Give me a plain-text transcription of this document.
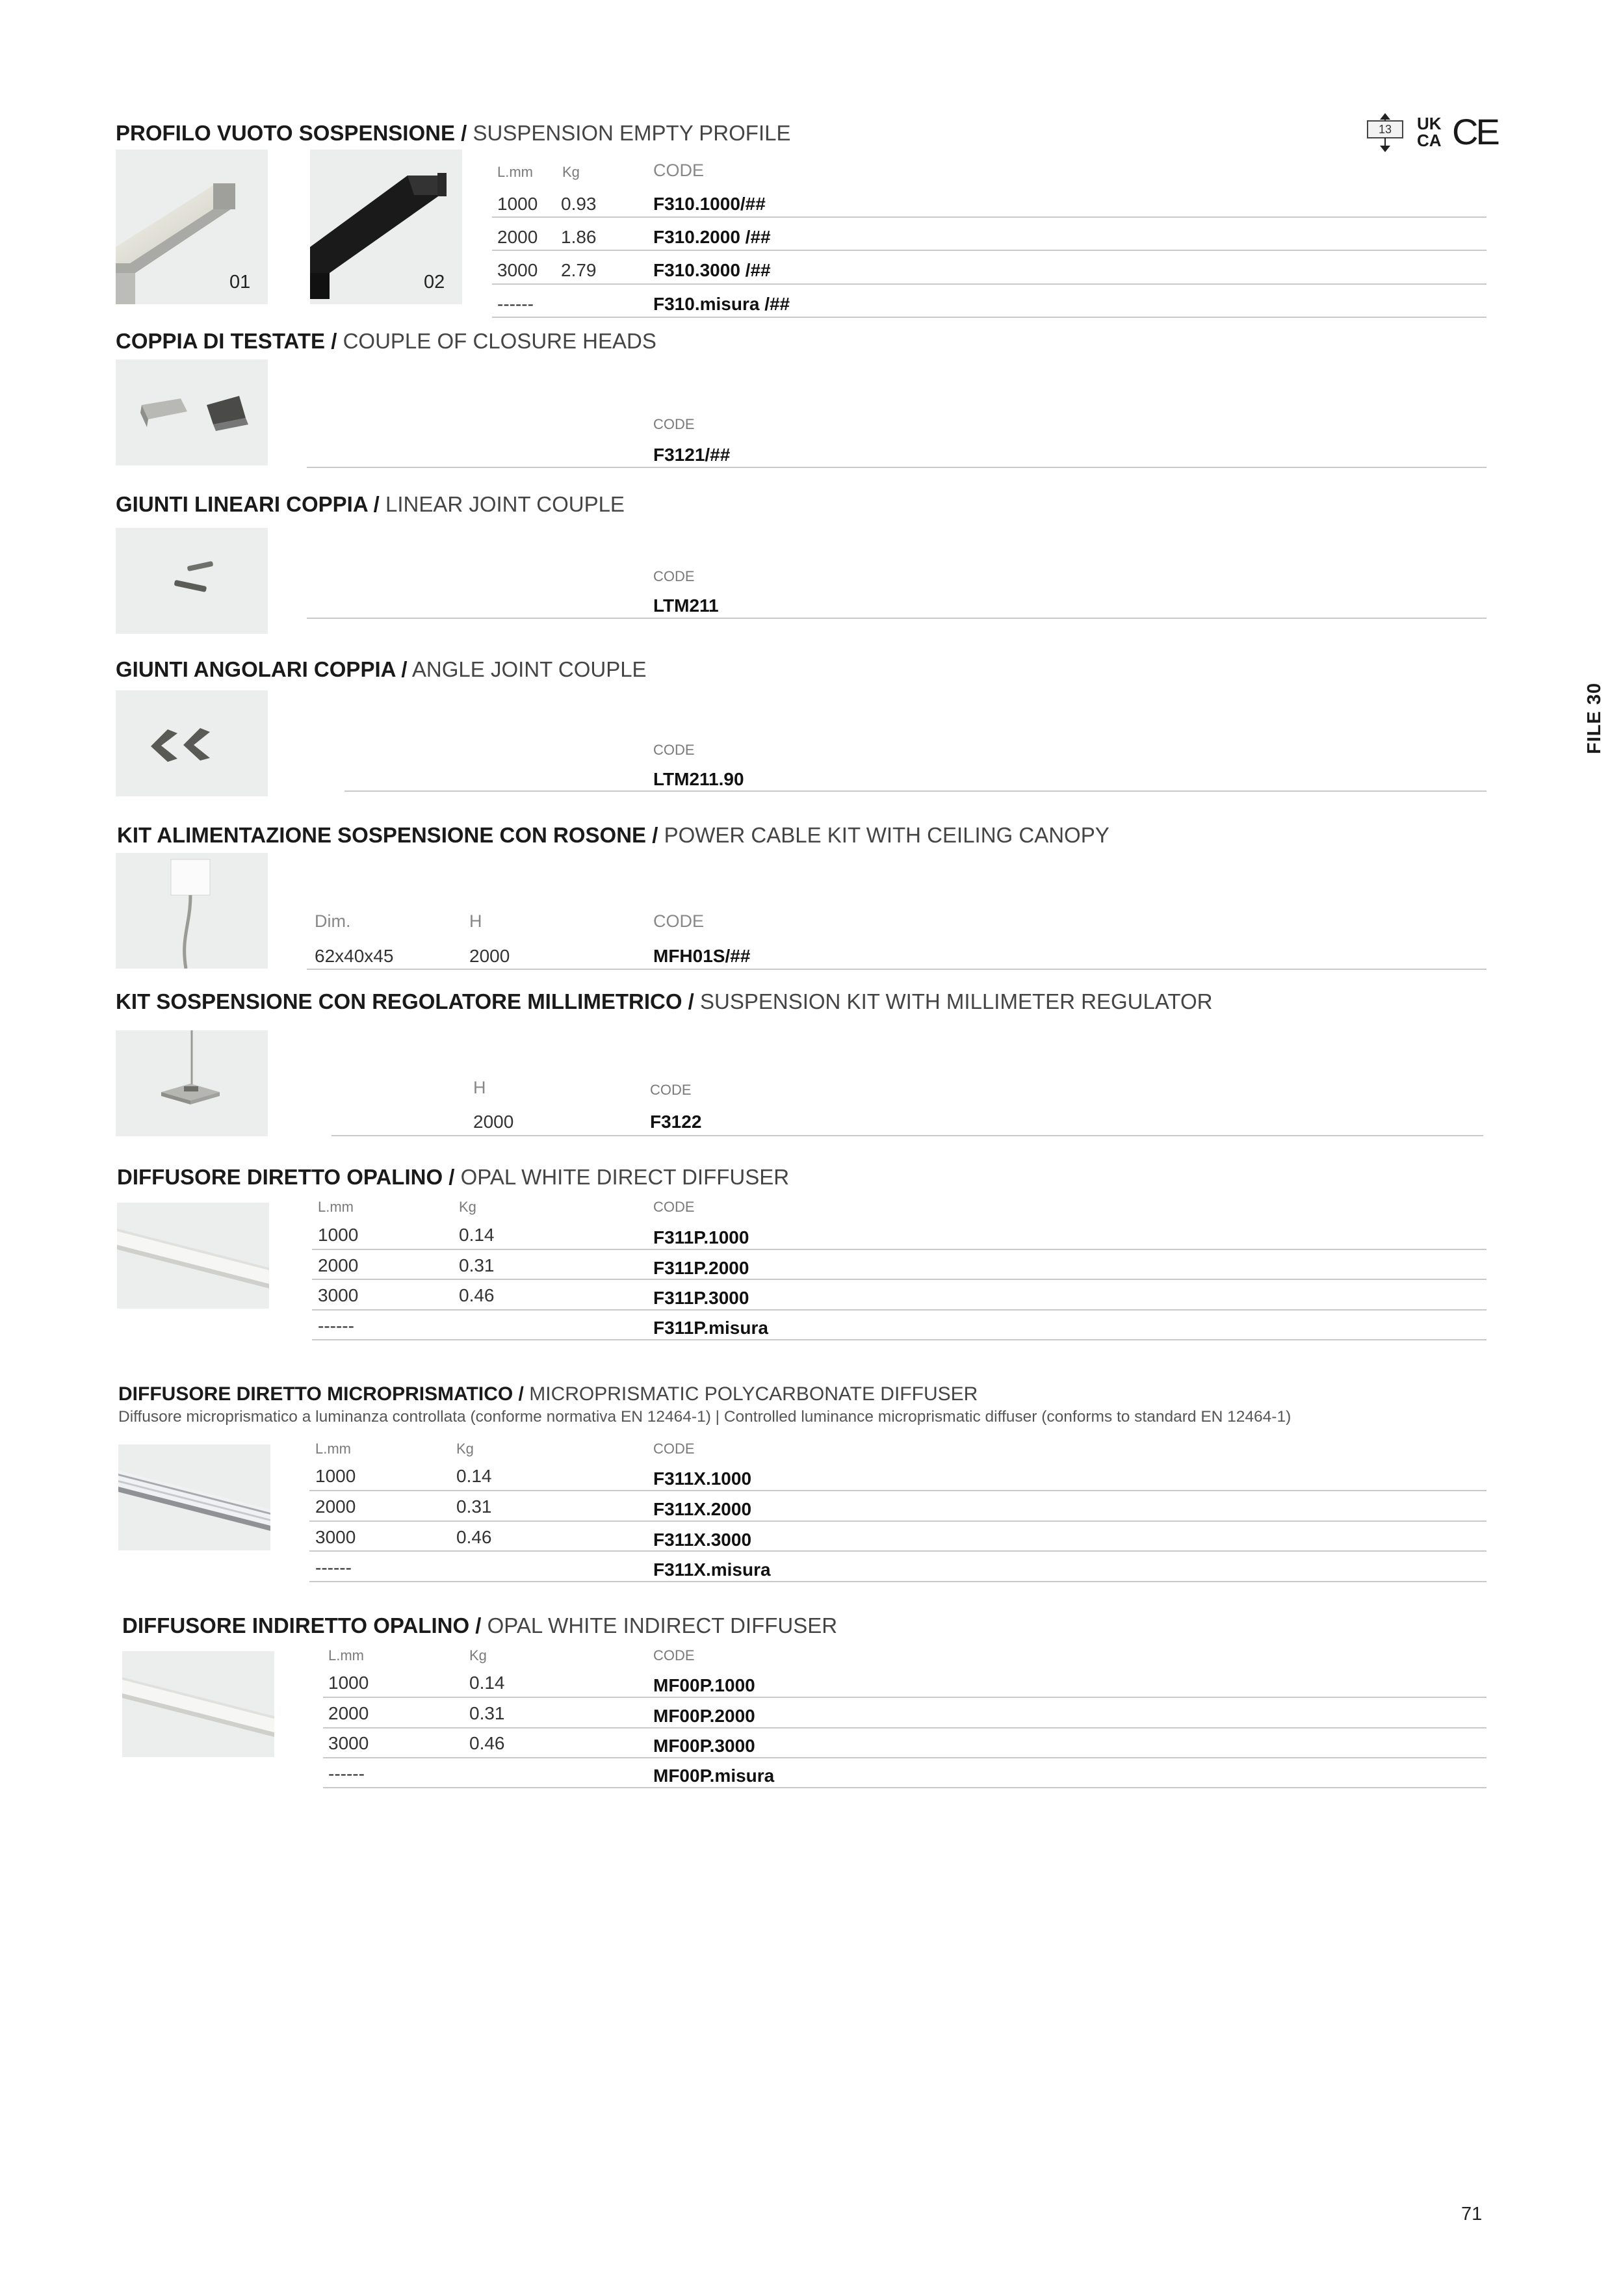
13	UK
CA CE
FILE 30
PROFILO VUOTO SOSPENSIONE / SUSPENSION EMPTY PROFILE
01	02
L.mm Kg	CODE
1000 0.93	F310.1000/##
2000 1.86	F310.2000 /##
3000 2.79	F310.3000 /##
------	F310.misura /##
COPPIA DI TESTATE / COUPLE OF CLOSURE HEADS
CODE
F3121/##
GIUNTI LINEARI COPPIA / LINEAR JOINT COUPLE
CODE
LTM211
GIUNTI ANGOLARI COPPIA / ANGLE JOINT COUPLE
CODE
LTM211.90
KIT ALIMENTAZIONE SOSPENSIONE CON ROSONE / POWER CABLE KIT WITH CEILING CANOPY
Dim.	H	CODE
62x40x45	2000	MFH01S/##
KIT SOSPENSIONE CON REGOLATORE MILLIMETRICO / SUSPENSION KIT WITH MILLIMETER REGULATOR
H	CODE
2000	F3122
DIFFUSORE DIRETTO OPALINO / OPAL WHITE DIRECT DIFFUSER
L.mm	Kg	CODE
1000	0.14	F311P.1000
2000	0.31	F311P.2000
3000	0.46	F311P.3000
------	F311P.misura
DIFFUSORE DIRETTO MICROPRISMATICO / MICROPRISMATIC POLYCARBONATE DIFFUSER
Diffusore microprismatico a luminanza controllata (conforme normativa EN 12464-1) | Controlled luminance microprismatic diffuser (conforms to standard EN 12464-1)
L.mm	Kg	CODE
1000	0.14	F311X.1000
2000	0.31	F311X.2000
3000	0.46	F311X.3000
------	F311X.misura
DIFFUSORE INDIRETTO OPALINO / OPAL WHITE INDIRECT DIFFUSER
L.mm	Kg	CODE
1000	0.14	MF00P.1000
2000	0.31	MF00P.2000
3000	0.46	MF00P.3000
------	MF00P.misura
71
